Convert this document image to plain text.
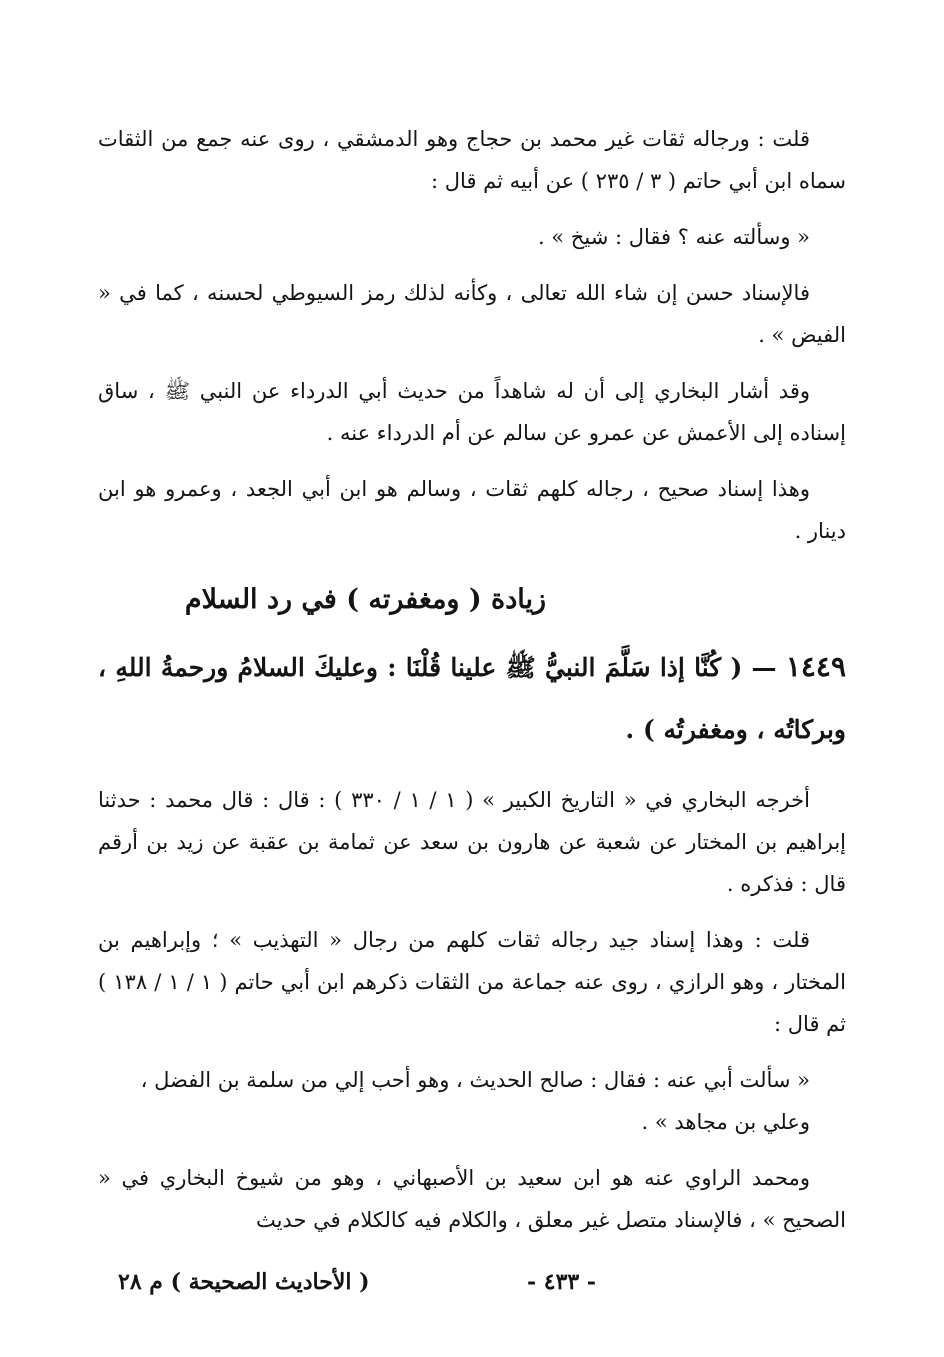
قلت : ورجاله ثقات غير محمد بن حجاج وهو الدمشقي ، روى عنه جمع من الثقات سماه ابن أبي حاتم ( ٣ / ٢٣٥ ) عن أبيه ثم قال :

« وسألته عنه ؟ فقال : شيخ » .

فالإسناد حسن إن شاء الله تعالى ، وكأنه لذلك رمز السيوطي لحسنه ، كما في « الفيض » .

وقد أشار البخاري إلى أن له شاهداً من حديث أبي الدرداء عن النبي ﷺ ، ساق إسناده إلى الأعمش عن عمرو عن سالم عن أم الدرداء عنه .

وهذا إسناد صحيح ، رجاله كلهم ثقات ، وسالم هو ابن أبي الجعد ، وعمرو هو ابن دينار .

زيادة ( ومغفرته ) في رد السلام

١٤٤٩ — ( كُنَّا إذا سَلَّمَ النبيُّ ﷺ علينا قُلْنَا : وعليكَ السلامُ ورحمةُ اللهِ ، وبركاتُه ، ومغفرتُه ) .

أخرجه البخاري في « التاريخ الكبير » ( ١ / ١ / ٣٣٠ ) : قال : قال محمد : حدثنا إبراهيم بن المختار عن شعبة عن هارون بن سعد عن ثمامة بن عقبة عن زيد بن أرقم قال : فذكره .

قلت : وهذا إسناد جيد رجاله ثقات كلهم من رجال « التهذيب » ؛ وإبراهيم بن المختار ، وهو الرازي ، روى عنه جماعة من الثقات ذكرهم ابن أبي حاتم ( ١ / ١ / ١٣٨ ) ثم قال :

« سألت أبي عنه : فقال : صالح الحديث ، وهو أحب إلي من سلمة بن الفضل ، وعلي بن مجاهد » .

ومحمد الراوي عنه هو ابن سعيد بن الأصبهاني ، وهو من شيوخ البخاري في « الصحيح » ، فالإسناد متصل غير معلق ، والكلام فيه كالكلام في حديث

- ٤٣٣ -
( الأحاديث الصحيحة ) م ٢٨
